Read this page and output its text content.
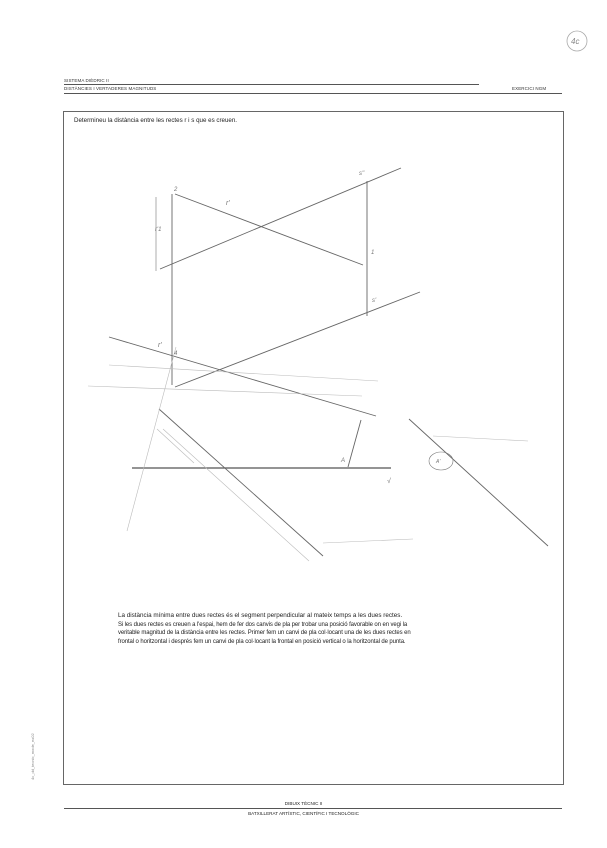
4c
SISTEMA DIÈDRIC II
DISTÀNCIES I VERTADERES MAGNITUDS	EXERCICI NGM
Determineu la distància entre les rectes r i s que es creuen.
r'
s''
s'
r'
A
1
2
4
r'1
A'
√
La distància mínima entre dues rectes és el segment perpendicular al mateix temps a les dues rectes.
Si les dues rectes es creuen a l'espai, hem de fer dos canvis de pla per trobar una posició favorable on en vegi la
veritable magnitud de la distància entre les rectes. Primer fem un canvi de pla col·locant una de les dues rectes en
frontal o horitzontal i després fem un canvi de pla col·locant la frontal en posició vertical o la horitzontal de punta.
4c_dd_tecnic_mode_ex02
DIBUIX TÈCNIC II
BATXILLERAT ARTÍSTIC, CIENTÍFIC I TECNOLÒGIC
